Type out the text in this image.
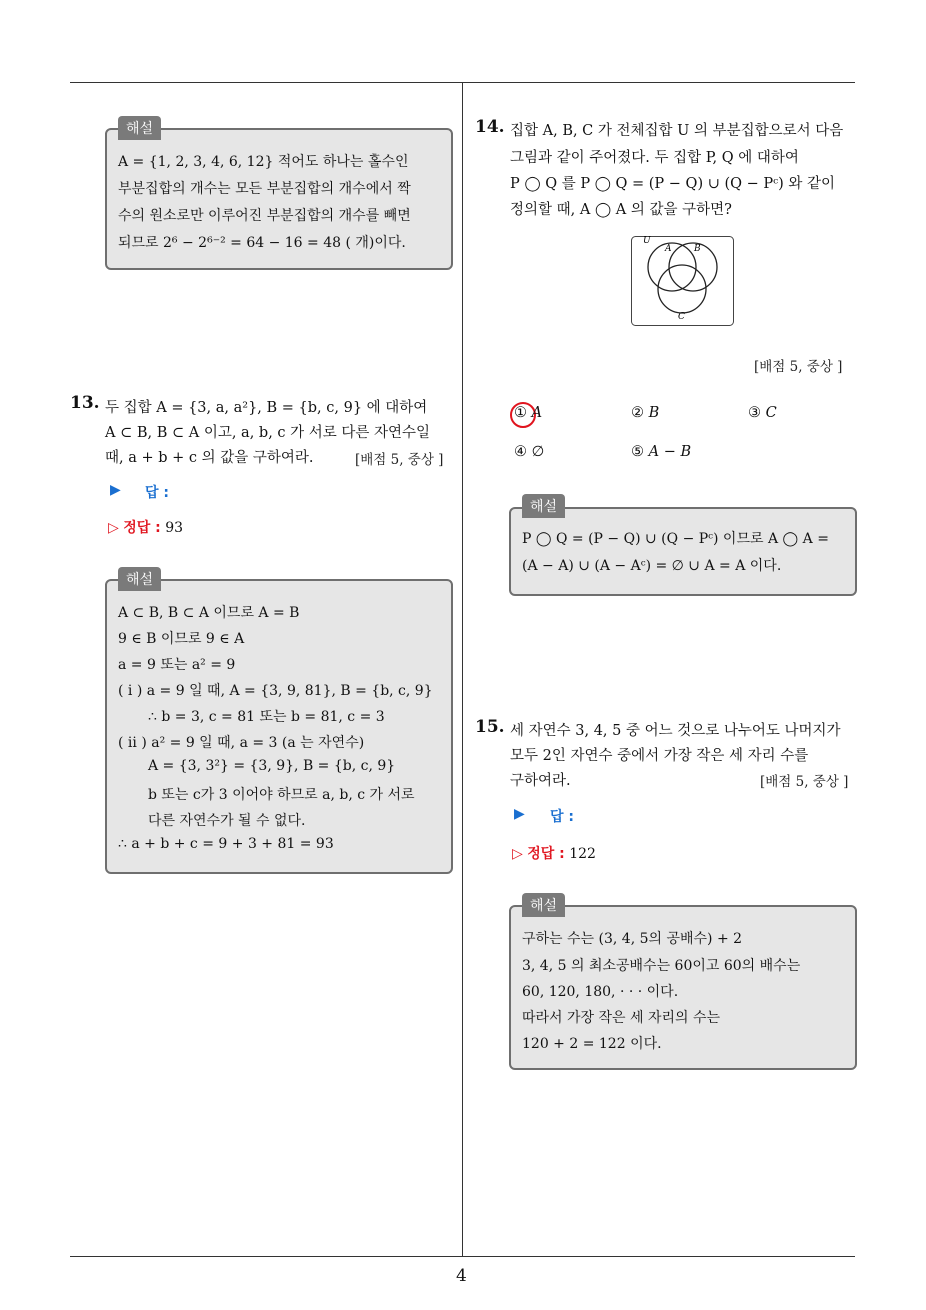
4
해설
A = {1, 2, 3, 4, 6, 12} 적어도 하나는 홀수인
부분집합의 개수는 모든 부분집합의 개수에서 짝
수의 원소로만 이루어진 부분집합의 개수를 빼면
되므로 2⁶ − 2⁶⁻² = 64 − 16 = 48 ( 개)이다.
13. 두 집합 A = {3, a, a²}, B = {b, c, 9} 에 대하여
A ⊂ B, B ⊂ A 이고, a, b, c 가 서로 다른 자연수일
때, a + b + c 의 값을 구하여라.	[배점 5, 중상 ]
▶ 답 :
▷ 정답 : 93
해설
A ⊂ B, B ⊂ A 이므로 A = B
9 ∈ B 이므로 9 ∈ A
a = 9 또는 a² = 9
( i ) a = 9 일 때, A = {3, 9, 81}, B = {b, c, 9}
∴ b = 3, c = 81 또는 b = 81, c = 3
( ii ) a² = 9 일 때, a = 3 (a 는 자연수)
A = {3, 3²} = {3, 9}, B = {b, c, 9}
b 또는 c가 3 이어야 하므로 a, b, c 가 서로
다른 자연수가 될 수 없다.
∴ a + b + c = 9 + 3 + 81 = 93
14. 집합 A, B, C 가 전체집합 U 의 부분집합으로서 다음
그림과 같이 주어졌다. 두 집합 P, Q 에 대하여
P ◯ Q 를 P ◯ Q = (P − Q) ∪ (Q − Pᶜ) 와 같이
정의할 때, A ◯ A 의 값을 구하면?
U
A	B
C
[배점 5, 중상 ]
① A	② B	③ C
④ ∅	⑤ A − B
해설
P ◯ Q = (P − Q) ∪ (Q − Pᶜ) 이므로 A ◯ A =
(A − A) ∪ (A − Aᶜ) = ∅ ∪ A = A 이다.
15. 세 자연수 3, 4, 5 중 어느 것으로 나누어도 나머지가
모두 2인 자연수 중에서 가장 작은 세 자리 수를
구하여라.	[배점 5, 중상 ]
▶ 답 :
▷ 정답 : 122
해설
구하는 수는 (3, 4, 5의 공배수) + 2
3, 4, 5 의 최소공배수는 60이고 60의 배수는
60, 120, 180, · · · 이다.
따라서 가장 작은 세 자리의 수는
120 + 2 = 122 이다.
